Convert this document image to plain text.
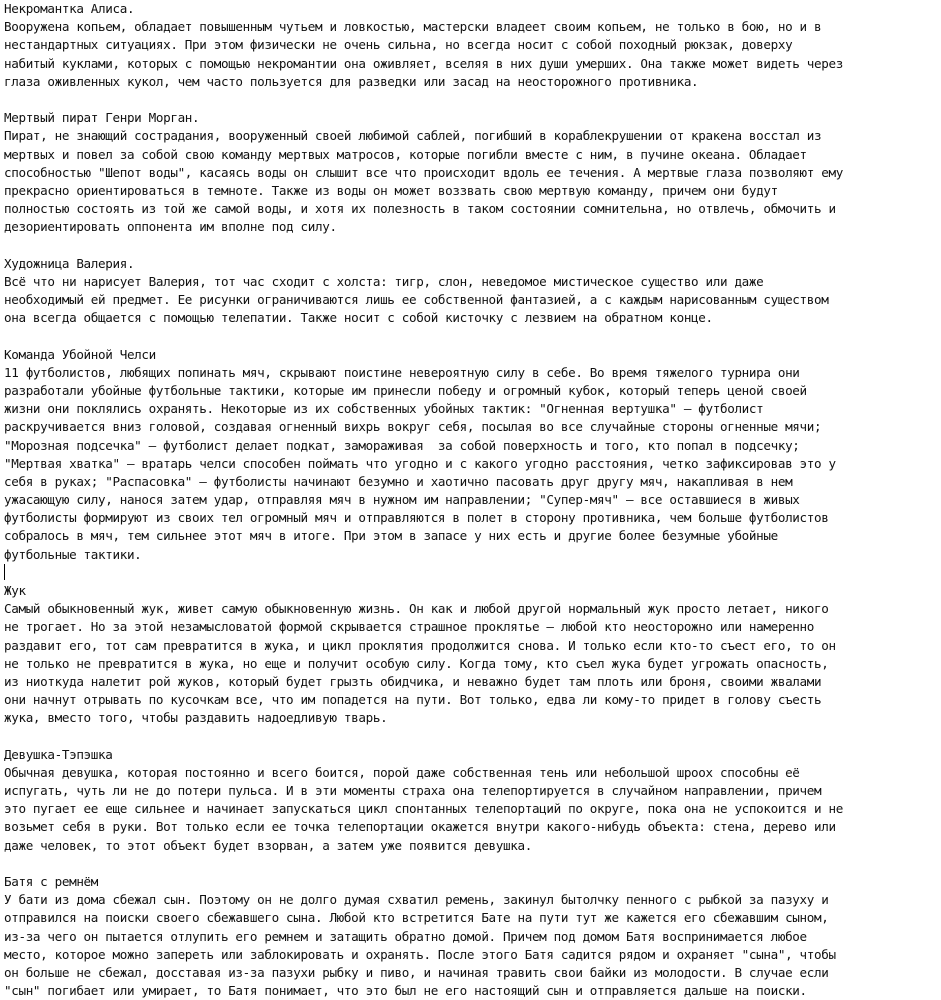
Некромантка Алиса.
Вооружена копьем, обладает повышенным чутьем и ловкостью, мастерски владеет своим копьем, не только в бою, но и в
нестандартных ситуациях. При этом физически не очень сильна, но всегда носит с собой походный рюкзак, доверху
набитый куклами, которых с помощью некромантии она оживляет, вселяя в них души умерших. Она также может видеть через
глаза оживленных кукол, чем часто пользуется для разведки или засад на неосторожного противника.
Мертвый пират Генри Морган.
Пират, не знающий сострадания, вооруженный своей любимой саблей, погибший в кораблекрушении от кракена восстал из
мертвых и повел за собой свою команду мертвых матросов, которые погибли вместе с ним, в пучине океана. Обладает
способностью "Шепот воды", касаясь воды он слышит все что происходит вдоль ее течения. А мертвые глаза позволяют ему
прекрасно ориентироваться в темноте. Также из воды он может воззвать свою мертвую команду, причем они будут
полностью состоять из той же самой воды, и хотя их полезность в таком состоянии сомнительна, но отвлечь, обмочить и
дезориентировать оппонента им вполне под силу.
Художница Валерия.
Всё что ни нарисует Валерия, тот час сходит с холста: тигр, слон, неведомое мистическое существо или даже
необходимый ей предмет. Ее рисунки ограничиваются лишь ее собственной фантазией, а с каждым нарисованным существом
она всегда общается с помощью телепатии. Также носит с собой кисточку с лезвием на обратном конце.
Команда Убойной Челси
11 футболистов, любящих попинать мяч, скрывают поистине невероятную силу в себе. Во время тяжелого турнира они
разработали убойные футбольные тактики, которые им принесли победу и огромный кубок, который теперь ценой своей
жизни они поклялись охранять. Некоторые из их собственных убойных тактик: "Огненная вертушка" – футболист
раскручивается вниз головой, создавая огненный вихрь вокруг себя, посылая во все случайные стороны огненные мячи;
"Морозная подсечка" – футболист делает подкат, замораживая  за собой поверхность и того, кто попал в подсечку;
"Мертвая хватка" – вратарь челси способен поймать что угодно и с какого угодно расстояния, четко зафиксировав это у
себя в руках; "Распасовка" – футболисты начинают безумно и хаотично пасовать друг другу мяч, накапливая в нем
ужасающую силу, нанося затем удар, отправляя мяч в нужном им направлении; "Супер-мяч" – все оставшиеся в живых
футболисты формируют из своих тел огромный мяч и отправляются в полет в сторону противника, чем больше футболистов
собралось в мяч, тем сильнее этот мяч в итоге. При этом в запасе у них есть и другие более безумные убойные
футбольные тактики.
Жук
Самый обыкновенный жук, живет самую обыкновенную жизнь. Он как и любой другой нормальный жук просто летает, никого
не трогает. Но за этой незамысловатой формой скрывается страшное проклятье – любой кто неосторожно или намеренно
раздавит его, тот сам превратится в жука, и цикл проклятия продолжится снова. И только если кто-то съест его, то он
не только не превратится в жука, но еще и получит особую силу. Когда тому, кто съел жука будет угрожать опасность,
из ниоткуда налетит рой жуков, который будет грызть обидчика, и неважно будет там плоть или броня, своими жвалами
они начнут отрывать по кусочкам все, что им попадется на пути. Вот только, едва ли кому-то придет в голову съесть
жука, вместо того, чтобы раздавить надоедливую тварь.
Девушка-Тэпэшка
Обычная девушка, которая постоянно и всего боится, порой даже собственная тень или небольшой шроох способны её
испугать, чуть ли не до потери пульса. И в эти моменты страха она телепортируется в случайном направлении, причем
это пугает ее еще сильнее и начинает запускаться цикл спонтанных телепортаций по округе, пока она не успокоится и не
возьмет себя в руки. Вот только если ее точка телепортации окажется внутри какого-нибудь объекта: стена, дерево или
даже человек, то этот объект будет взорван, а затем уже появится девушка.
Батя с ремнём
У бати из дома сбежал сын. Поэтому он не долго думая схватил ремень, закинул бытолчку пенного с рыбкой за пазуху и
отправился на поиски своего сбежавшего сына. Любой кто встретится Бате на пути тут же кажется его сбежавшим сыном,
из-за чего он пытается отлупить его ремнем и затащить обратно домой. Причем под домом Батя воспринимается любое
место, которое можно запереть или заблокировать и охранять. После этого Батя садится рядом и охраняет "сына", чтобы
он больше не сбежал, досставая из-за пазухи рыбку и пиво, и начиная травить свои байки из молодости. В случае если
"сын" погибает или умирает, то Батя понимает, что это был не его настоящий сын и отправляется дальше на поиски.
